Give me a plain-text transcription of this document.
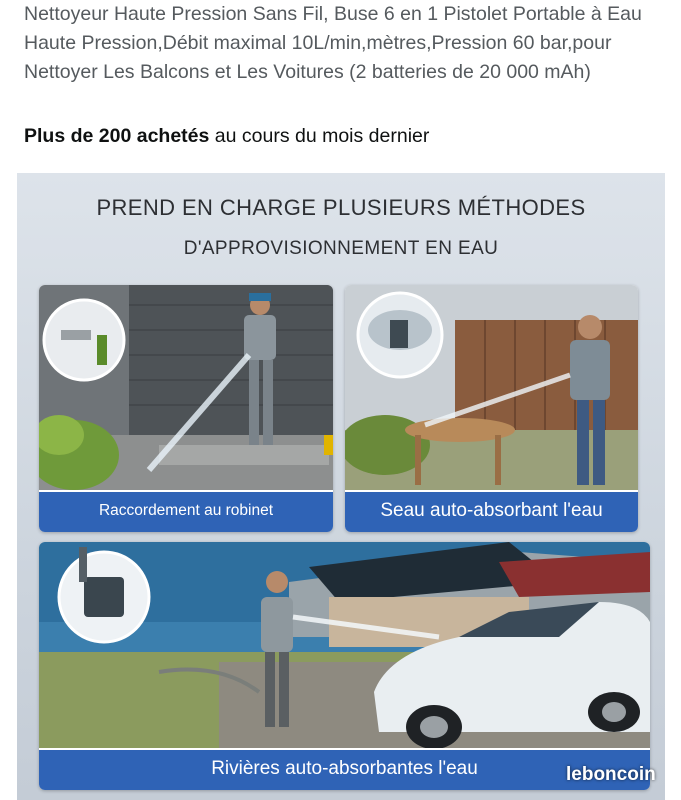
Nettoyeur Haute Pression Sans Fil, Buse 6 en 1 Pistolet Portable à Eau Haute Pression,Débit maximal 10L/min,mètres,Pression 60 bar,pour Nettoyer Les Balcons et Les Voitures (2 batteries de 20 000 mAh)

Plus de 200 achetés au cours du mois dernier
PREND EN CHARGE PLUSIEURS MÉTHODES
D'APPROVISIONNEMENT EN EAU
Raccordement au robinet	Seau auto-absorbant l'eau
Rivières auto-absorbantes l'eau	leboncoin
